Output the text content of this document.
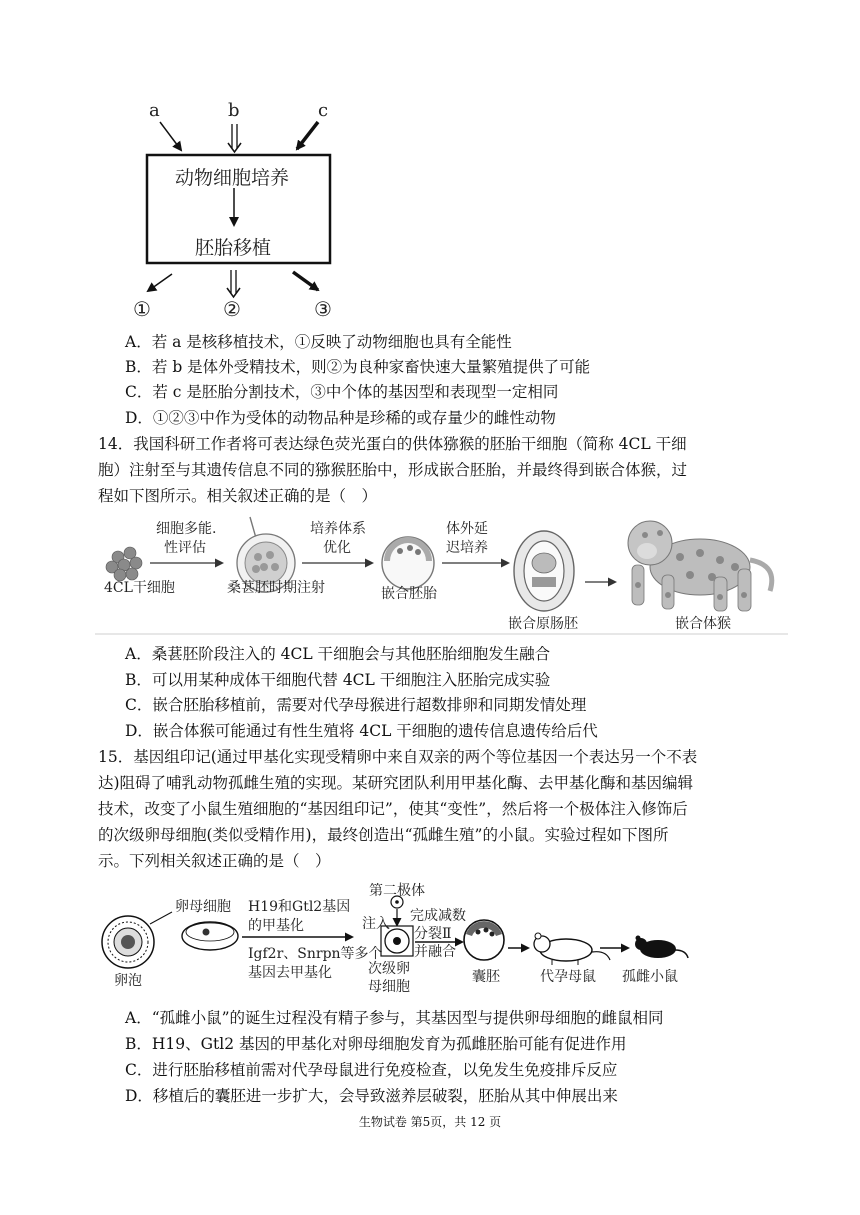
a	b	c
动物细胞培养
胚胎移植
①	②	③
A．若 a 是核移植技术，①反映了动物细胞也具有全能性
B．若 b 是体外受精技术，则②为良种家畜快速大量繁殖提供了可能
C．若 c 是胚胎分割技术，③中个体的基因型和表现型一定相同
D．①②③中作为受体的动物品种是珍稀的或存量少的雌性动物
14．我国科研工作者将可表达绿色荧光蛋白的供体猕猴的胚胎干细胞（简称 4CL 干细
胞）注射至与其遗传信息不同的猕猴胚胎中，形成嵌合胚胎，并最终得到嵌合体猴，过
程如下图所示。相关叙述正确的是（　）
4CL干细胞
细胞多能.
性评估
桑葚胚时期注射
培养体系
优化
嵌合胚胎
体外延
迟培养
嵌合原肠胚	嵌合体猴
A．桑葚胚阶段注入的 4CL 干细胞会与其他胚胎细胞发生融合
B．可以用某种成体干细胞代替 4CL 干细胞注入胚胎完成实验
C．嵌合胚胎移植前，需要对代孕母猴进行超数排卵和同期发情处理
D．嵌合体猴可能通过有性生殖将 4CL 干细胞的遗传信息遗传给后代
15．基因组印记(通过甲基化实现受精卵中来自双亲的两个等位基因一个表达另一个不表
达)阻碍了哺乳动物孤雌生殖的实现。某研究团队利用甲基化酶、去甲基化酶和基因编辑
技术，改变了小鼠生殖细胞的“基因组印记”，使其“变性”，然后将一个极体注入修饰后
的次级卵母细胞(类似受精作用)，最终创造出“孤雌生殖”的小鼠。实验过程如下图所
示。下列相关叙述正确的是（　）
第二极体
注入
卵泡
卵母细胞 H19和Gtl2基因
的甲基化
Igf2r、Snrpn等多个
基因去甲基化
完成减数
分裂Ⅱ
并融合
次级卵
母细胞
囊胚	代孕母鼠 孤雌小鼠
A．“孤雌小鼠”的诞生过程没有精子参与，其基因型与提供卵母细胞的雌鼠相同
B．H19、Gtl2 基因的甲基化对卵母细胞发育为孤雌胚胎可能有促进作用
C．进行胚胎移植前需对代孕母鼠进行免疫检查，以免发生免疫排斥反应
D．移植后的囊胚进一步扩大，会导致滋养层破裂，胚胎从其中伸展出来
生物试卷 第5页，共 12 页
